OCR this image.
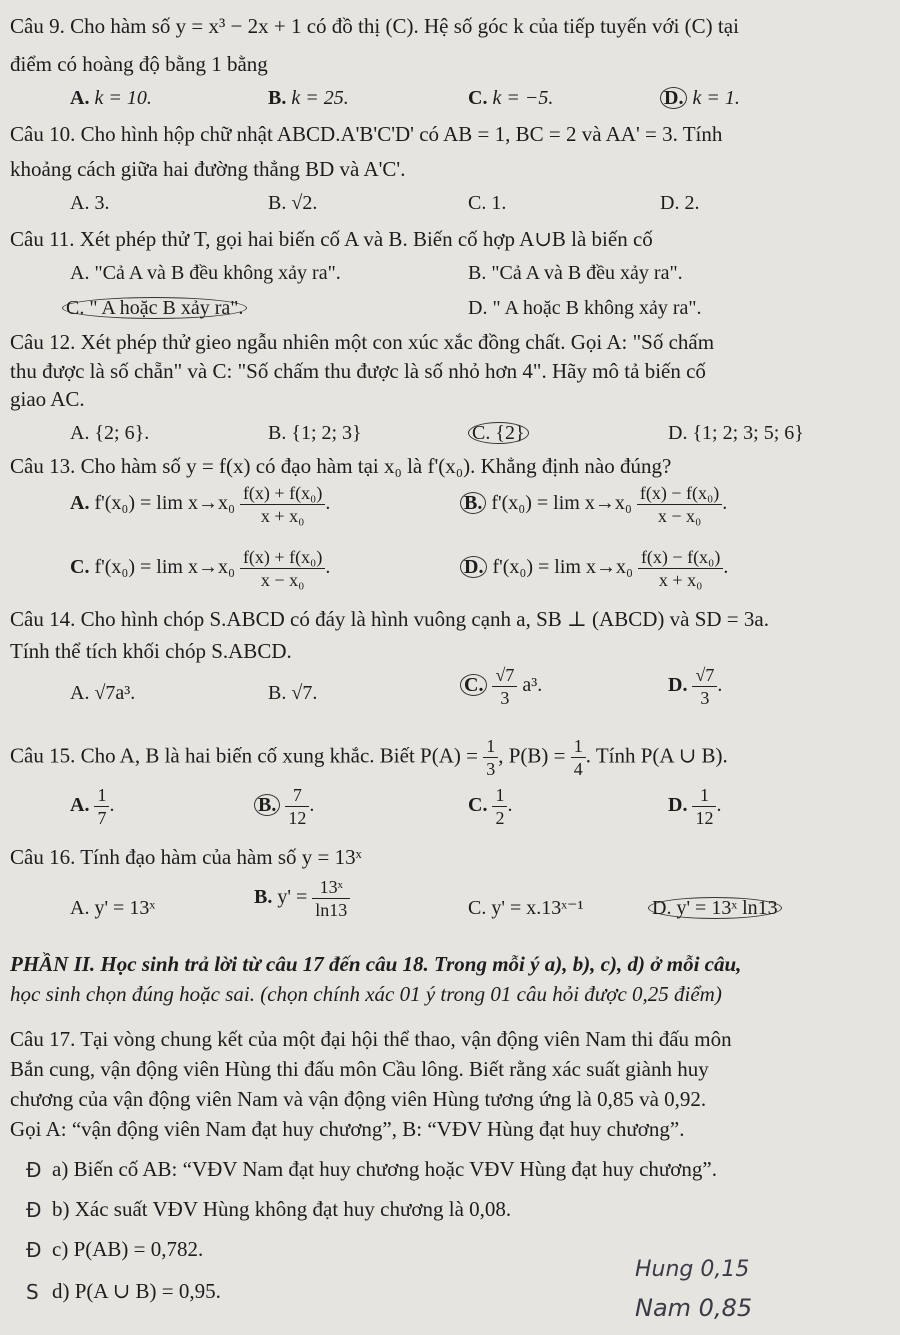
Câu 9. Cho hàm số y = x³ − 2x + 1 có đồ thị (C). Hệ số góc k của tiếp tuyến với (C) tại
điểm có hoàng độ bằng 1 bằng
A. k = 10.	B. k = 25.	C. k = −5.	D. k = 1.
Câu 10. Cho hình hộp chữ nhật ABCD.A'B'C'D' có AB = 1, BC = 2 và AA' = 3. Tính
khoảng cách giữa hai đường thẳng BD và A'C'.
A. 3.	B. √2.	C. 1.	D. 2.
Câu 11. Xét phép thử T, gọi hai biến cố A và B. Biến cố hợp A∪B là biến cố
A. "Cả A và B đều không xảy ra".	B. "Cả A và B đều xảy ra".
C. " A hoặc B xảy ra".	D. " A hoặc B không xảy ra".
Câu 12. Xét phép thử gieo ngẫu nhiên một con xúc xắc đồng chất. Gọi A: "Số chấm
thu được là số chẵn" và C: "Số chấm thu được là số nhỏ hơn 4". Hãy mô tả biến cố
giao AC.
A. {2; 6}.	B. {1; 2; 3}	C. {2}	D. {1; 2; 3; 5; 6}
Câu 13. Cho hàm số y = f(x) có đạo hàm tại x₀ là f'(x₀). Khẳng định nào đúng?
A. $f'(x_0) = \lim x\to x_0 \frac{\text{f(x) + f(x₀)}}{\text{x + x₀}}$ .	B. $f'(x_0) = \lim x\to x_0 \frac{\text{f(x) − f(x₀)}}{\text{x − x₀}}$ .
C. $f'(x_0) = \lim x\to x_0 \frac{\text{f(x) + f(x₀)}}{\text{x − x₀}}$ .	D. $f'(x_0) = \lim x\to x_0 \frac{\text{f(x) − f(x₀)}}{\text{x + x₀}}$ .
Câu 14. Cho hình chóp S.ABCD có đáy là hình vuông cạnh a, SB ⊥ (ABCD) và SD = 3a.
Tính thể tích khối chóp S.ABCD.
A. √7a³.	B. √7.	C. $\frac{√7}{3} a^3$.	D. $\frac{√7}{3}$ .
Câu 15. Cho A, B là hai biến cố xung khắc. Biết $P(A) = \frac{1}{3}$ , $P(B) = \frac{1}{4}$ . Tính P(A ∪ B).
A. $\frac{1}{7}$ .	B. $\frac{7}{12}$ .	C. $\frac{1}{2}$ .	D. $\frac{1}{12}$ .
Câu 16. Tính đạo hàm của hàm số y = 13ˣ
A. y' = 13ˣ	B. $y' = \frac{\text{13ˣ}}{\ln 13}$	C. y' = x.13ˣ⁻¹	D. y' = 13ˣ ln13
PHẦN II. Học sinh trả lời từ câu 17 đến câu 18. Trong mỗi ý a), b), c), d) ở mỗi câu,
học sinh chọn đúng hoặc sai. (chọn chính xác 01 ý trong 01 câu hỏi được 0,25 điểm)
Câu 17. Tại vòng chung kết của một đại hội thể thao, vận động viên Nam thi đấu môn
Bắn cung, vận động viên Hùng thi đấu môn Cầu lông. Biết rằng xác suất giành huy
chương của vận động viên Nam và vận động viên Hùng tương ứng là 0,85 và 0,92.
Gọi A: “vận động viên Nam đạt huy chương”, B: “VĐV Hùng đạt huy chương”.
Đ a) Biến cố AB: “VĐV Nam đạt huy chương hoặc VĐV Hùng đạt huy chương”.
Đ b) Xác suất VĐV Hùng không đạt huy chương là 0,08.
Đ c) P(AB) = 0,782.
S d) P(A ∪ B) = 0,95.
Hung 0,15
Nam 0,85
